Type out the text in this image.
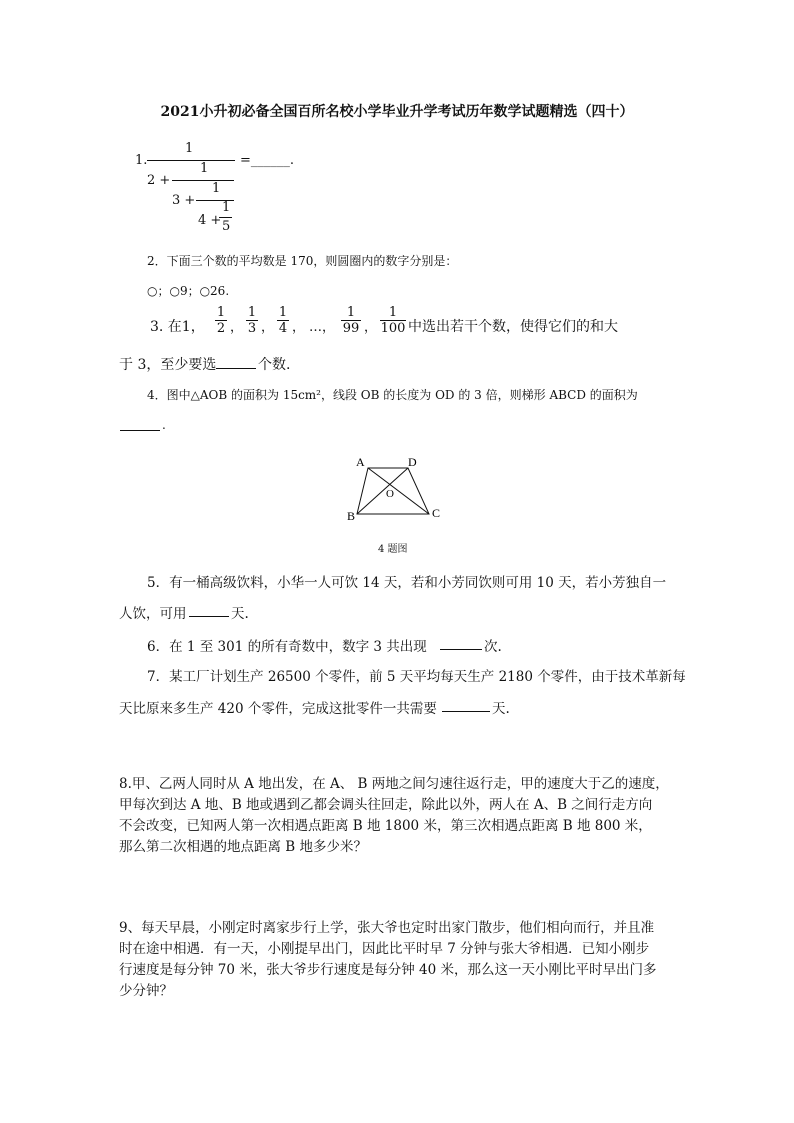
2021小升初必备全国百所名校小学毕业升学考试历年数学试题精选（四十）
1.
1
=______.
2 +
1
3 +
1
4 +
1
5
2．下面三个数的平均数是 170，则圆圈内的数字分别是：
○；○9；○26.
3. 在1， $\frac{1}{2}$ ， $\frac{1}{3}$ ， $\frac{1}{4}$ ， …， $\frac{1}{99}$ ， $\frac{1}{100}$ 中选出若干个数，使得它们的和大
于 3，至少要选	个数.
4．图中△AOB 的面积为 15cm²，线段 OB 的长度为 OD 的 3 倍，则梯形 ABCD 的面积为
.
A	D
O
B	C
4 题图
5．有一桶高级饮料，小华一人可饮 14 天，若和小芳同饮则可用 10 天，若小芳独自一
人饮，可用	天.
6．在 1 至 301 的所有奇数中，数字 3 共出现	次.
7．某工厂计划生产 26500 个零件，前 5 天平均每天生产 2180 个零件，由于技术革新每
天比原来多生产 420 个零件，完成这批零件一共需要	天.
8.甲、乙两人同时从 A 地出发，在 A、 B 两地之间匀速往返行走，甲的速度大于乙的速度，
甲每次到达 A 地、B 地或遇到乙都会调头往回走，除此以外，两人在 A、B 之间行走方向
不会改变，已知两人第一次相遇点距离 B 地 1800 米，第三次相遇点距离 B 地 800 米，
那么第二次相遇的地点距离 B 地多少米？
9、每天早晨，小刚定时离家步行上学，张大爷也定时出家门散步，他们相向而行，并且准
时在途中相遇．有一天，小刚提早出门，因此比平时早 7 分钟与张大爷相遇．已知小刚步
行速度是每分钟 70 米，张大爷步行速度是每分钟 40 米，那么这一天小刚比平时早出门多
少分钟？
